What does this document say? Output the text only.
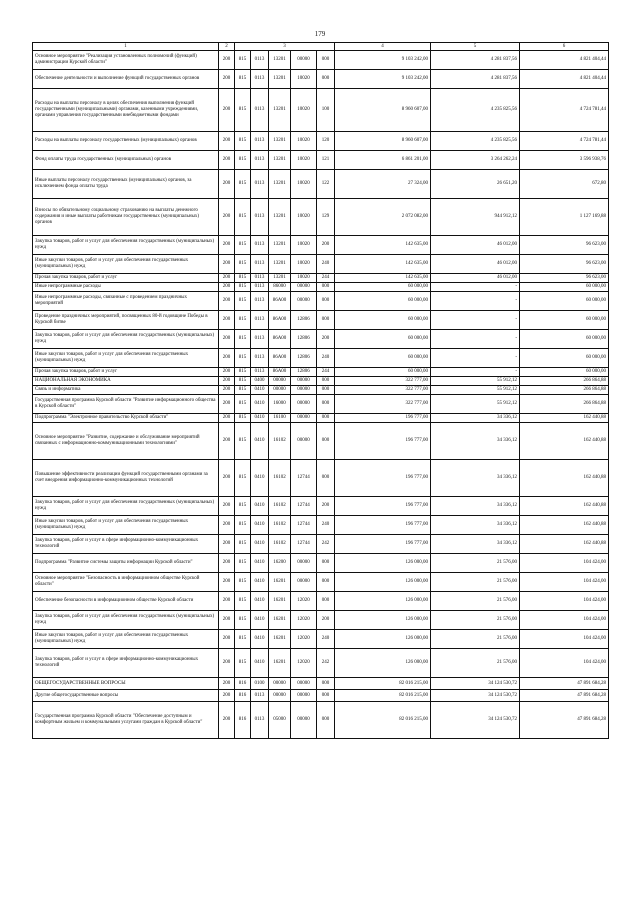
179
1	2	3					4	5	6
Основное мероприятие "Реализация установленных полномочий (функций) администрации Курской области"	200	815	0113	13201	00000	000	9 103 242,00	4 281 837,56	4 821 404,44
Обеспечение деятельности и выполнение функций государственных органов	200	815	0113	13201	10020	000	9 103 242,00	4 281 837,56	4 821 404,44
Расходы на выплаты персоналу в целях обеспечения выполнения функций государственными (муниципальными) органами, казенными учреждениями, органами управления государственными внебюджетными фондами	200	815	0113	13201	10020	100	8 960 607,00	4 235 825,56	4 724 781,44
Расходы на выплаты персоналу государственных (муниципальных) органов	200	815	0113	13201	10020	120	8 960 607,00	4 235 825,56	4 724 781,44
Фонд оплаты труда государственных (муниципальных) органов	200	815	0113	13201	10020	121	6 861 201,00	3 264 262,24	3 596 938,76
Иные выплаты персоналу государственных (муниципальных) органов, за исключением фонда оплаты труда	200	815	0113	13201	10020	122	27 324,00	26 651,20	672,80
Взносы по обязательному социальному страхованию на выплаты денежного содержания и иные выплаты работникам государственных (муниципальных) органов	200	815	0113	13201	10020	129	2 072 082,00	944 912,12	1 127 169,88
Закупка товаров, работ и услуг для обеспечения государственных (муниципальных) нужд	200	815	0113	13201	10020	200	142 635,00	46 012,00	96 623,00
Иные закупки товаров, работ и услуг для обеспечения государственных (муниципальных) нужд	200	815	0113	13201	10020	240	142 635,00	46 012,00	96 623,00
Прочая закупка товаров, работ и услуг	200	815	0113	13201	10020	244	142 635,00	46 012,00	96 623,00
Иные непрограммные расходы	200	815	0113	86000	00000	000	60 000,00	-	60 000,00
Иные непрограммные расходы, связанные с проведением праздничных мероприятий	200	815	0113	86А00	00000	000	60 000,00	-	60 000,00
Проведение праздничных мероприятий, посвященных 80-й годовщине Победы в Курской битве	200	815	0113	86А00	12806	000	60 000,00	-	60 000,00
Закупка товаров, работ и услуг для обеспечения государственных (муниципальных) нужд	200	815	0113	86А00	12806	200	60 000,00	-	60 000,00
Иные закупки товаров, работ и услуг для обеспечения государственных (муниципальных) нужд	200	815	0113	86А00	12806	240	60 000,00	-	60 000,00
Прочая закупка товаров, работ и услуг	200	815	0113	86А00	12806	244	60 000,00	-	60 000,00
НАЦИОНАЛЬНАЯ ЭКОНОМИКА	200	815	0400	00000	00000	000	322 777,00	55 912,12	266 864,88
Связь и информатика	200	815	0410	00000	00000	000	322 777,00	55 912,12	266 864,88
Государственная программа Курской области "Развитие информационного общества в Курской области"	200	815	0410	16000	00000	000	322 777,00	55 912,12	266 864,88
Подпрограмма "Электронное правительство Курской области"	200	815	0410	16100	00000	000	196 777,00	34 336,12	162 440,88
Основное мероприятие "Развитие, содержание и обслуживание мероприятий связанных с информационно-коммуникационными технологиями"	200	815	0410	16102	00000	000	196 777,00	34 336,12	162 440,88
Повышение эффективности реализации функций государственными органами за счет внедрения информационно-коммуникационных технологий	200	815	0410	16102	12744	000	196 777,00	34 336,12	162 440,88
Закупка товаров, работ и услуг для обеспечения государственных (муниципальных) нужд	200	815	0410	16102	12744	200	196 777,00	34 336,12	162 440,88
Иные закупки товаров, работ и услуг для обеспечения государственных (муниципальных) нужд	200	815	0410	16102	12744	240	196 777,00	34 336,12	162 440,88
Закупка товаров, работ и услуг в сфере информационно-коммуникационных технологий	200	815	0410	16102	12744	242	196 777,00	34 336,12	162 440,88
Подпрограмма "Развитие системы защиты информации Курской области"	200	815	0410	16200	00000	000	126 000,00	21 576,00	104 424,00
Основное мероприятие "Безопасность в информационном обществе Курской области"	200	815	0410	16201	00000	000	126 000,00	21 576,00	104 424,00
Обеспечение безопасности в информационном обществе Курской области	200	815	0410	16201	12020	000	126 000,00	21 576,00	104 424,00
Закупка товаров, работ и услуг для обеспечения государственных (муниципальных) нужд	200	815	0410	16201	12020	200	126 000,00	21 576,00	104 424,00
Иные закупки товаров, работ и услуг для обеспечения государственных (муниципальных) нужд	200	815	0410	16201	12020	240	126 000,00	21 576,00	104 424,00
Закупка товаров, работ и услуг в сфере информационно-коммуникационных технологий	200	815	0410	16201	12020	242	126 000,00	21 576,00	104 424,00
ОБЩЕГОСУДАРСТВЕННЫЕ ВОПРОСЫ	200	816	0100	00000	00000	000	82 016 215,00	34 124 530,72	47 891 684,28
Другие общегосударственные вопросы	200	816	0113	00000	00000	000	82 016 215,00	34 124 530,72	47 891 684,28
Государственная программа Курской области "Обеспечение доступным и комфортным жильем и коммунальными услугами граждан в Курской области"	200	816	0113	05000	00000	000	82 016 215,00	34 124 530,72	47 891 684,28
